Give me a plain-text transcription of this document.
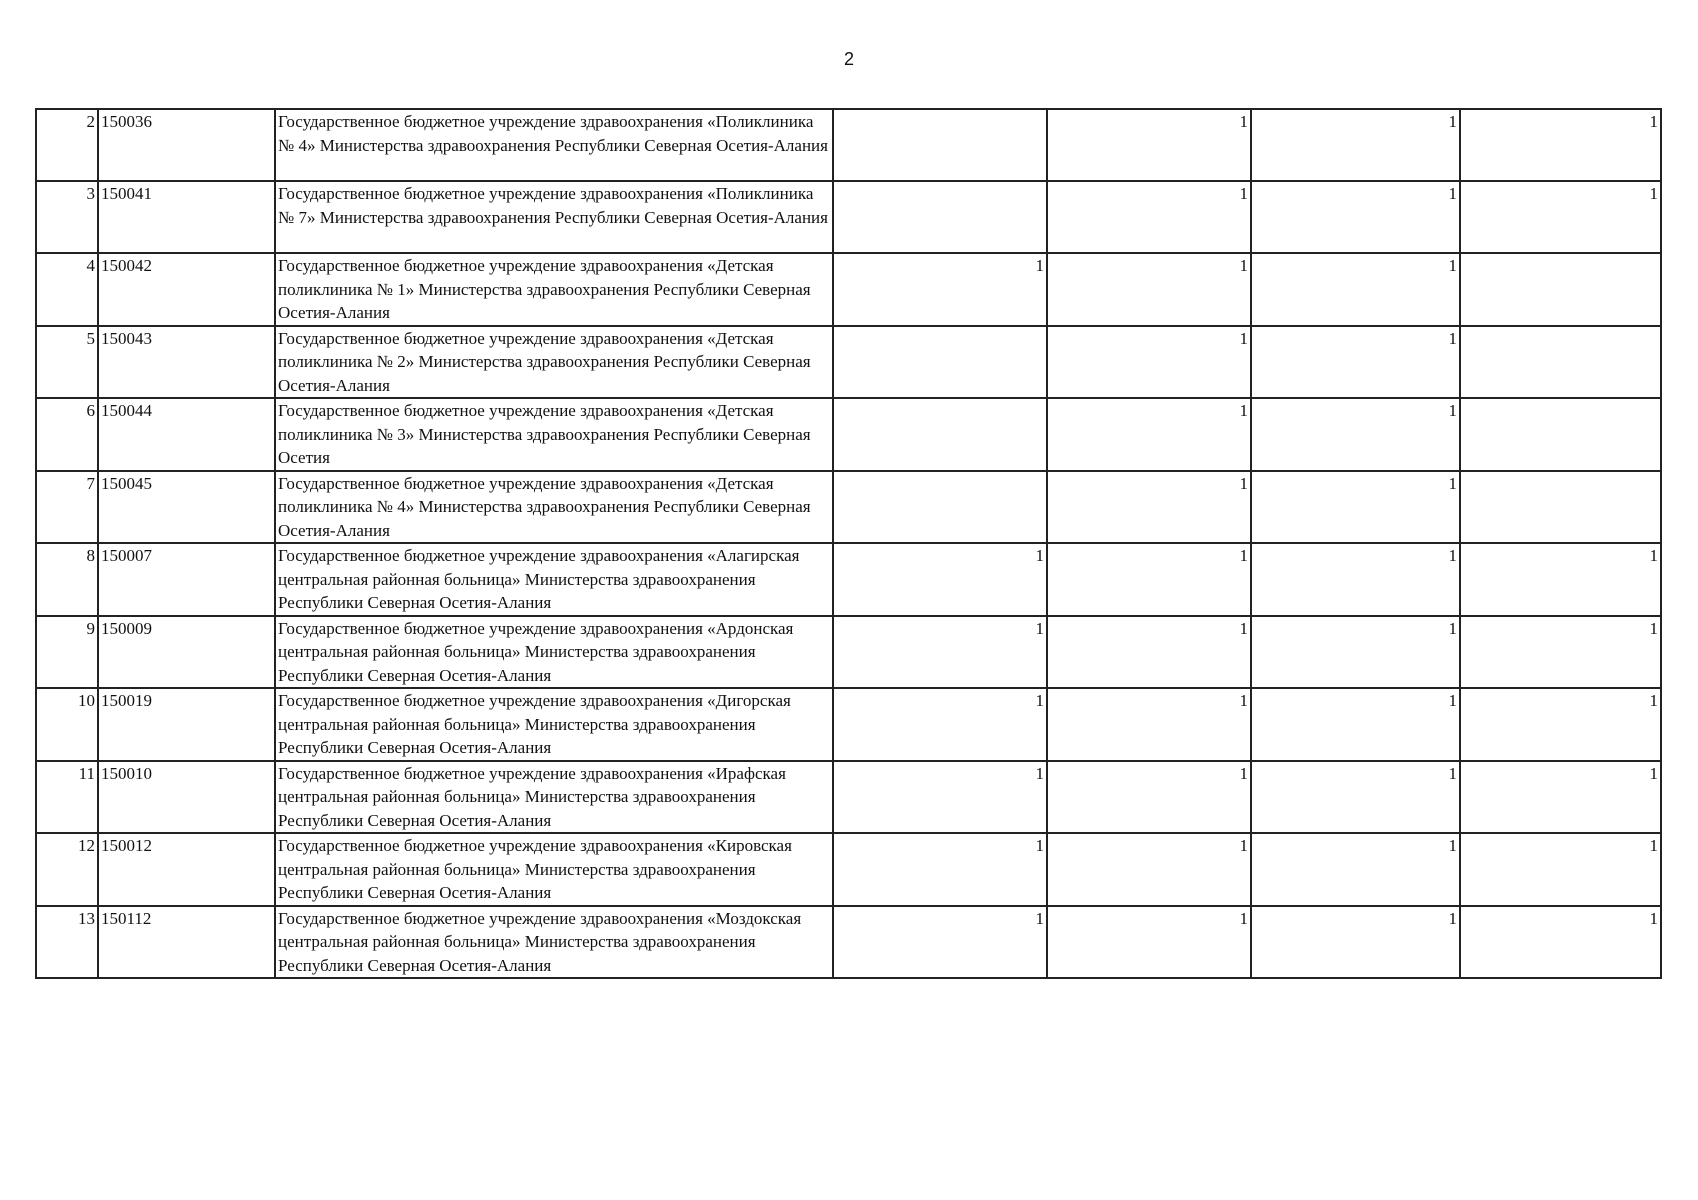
2
2	150036	Государственное бюджетное учреждение здравоохранения «Поликлиника № 4» Министерства здравоохранения Республики Северная Осетия-Алания		1	1	1
3	150041	Государственное бюджетное учреждение здравоохранения «Поликлиника № 7» Министерства здравоохранения Республики Северная Осетия-Алания		1	1	1
4	150042	Государственное бюджетное учреждение здравоохранения «Детская поликлиника № 1» Министерства здравоохранения Республики Северная Осетия-Алания	1	1	1	
5	150043	Государственное бюджетное учреждение здравоохранения «Детская поликлиника № 2» Министерства здравоохранения Республики Северная Осетия-Алания		1	1	
6	150044	Государственное бюджетное учреждение здравоохранения «Детская поликлиника № 3» Министерства здравоохранения Республики Северная Осетия		1	1	
7	150045	Государственное бюджетное учреждение здравоохранения «Детская поликлиника № 4» Министерства здравоохранения Республики Северная Осетия-Алания		1	1	
8	150007	Государственное бюджетное учреждение здравоохранения «Алагирская центральная районная больница» Министерства здравоохранения Республики Северная Осетия-Алания	1	1	1	1
9	150009	Государственное бюджетное учреждение здравоохранения «Ардонская центральная районная больница» Министерства здравоохранения Республики Северная Осетия-Алания	1	1	1	1
10	150019	Государственное бюджетное учреждение здравоохранения «Дигорская центральная районная больница» Министерства здравоохранения Республики Северная Осетия-Алания	1	1	1	1
11	150010	Государственное бюджетное учреждение здравоохранения «Ирафская центральная районная больница» Министерства здравоохранения Республики Северная Осетия-Алания	1	1	1	1
12	150012	Государственное бюджетное учреждение здравоохранения «Кировская центральная районная больница» Министерства здравоохранения Республики Северная Осетия-Алания	1	1	1	1
13	150112	Государственное бюджетное учреждение здравоохранения «Моздокская центральная районная больница» Министерства здравоохранения Республики Северная Осетия-Алания	1	1	1	1
